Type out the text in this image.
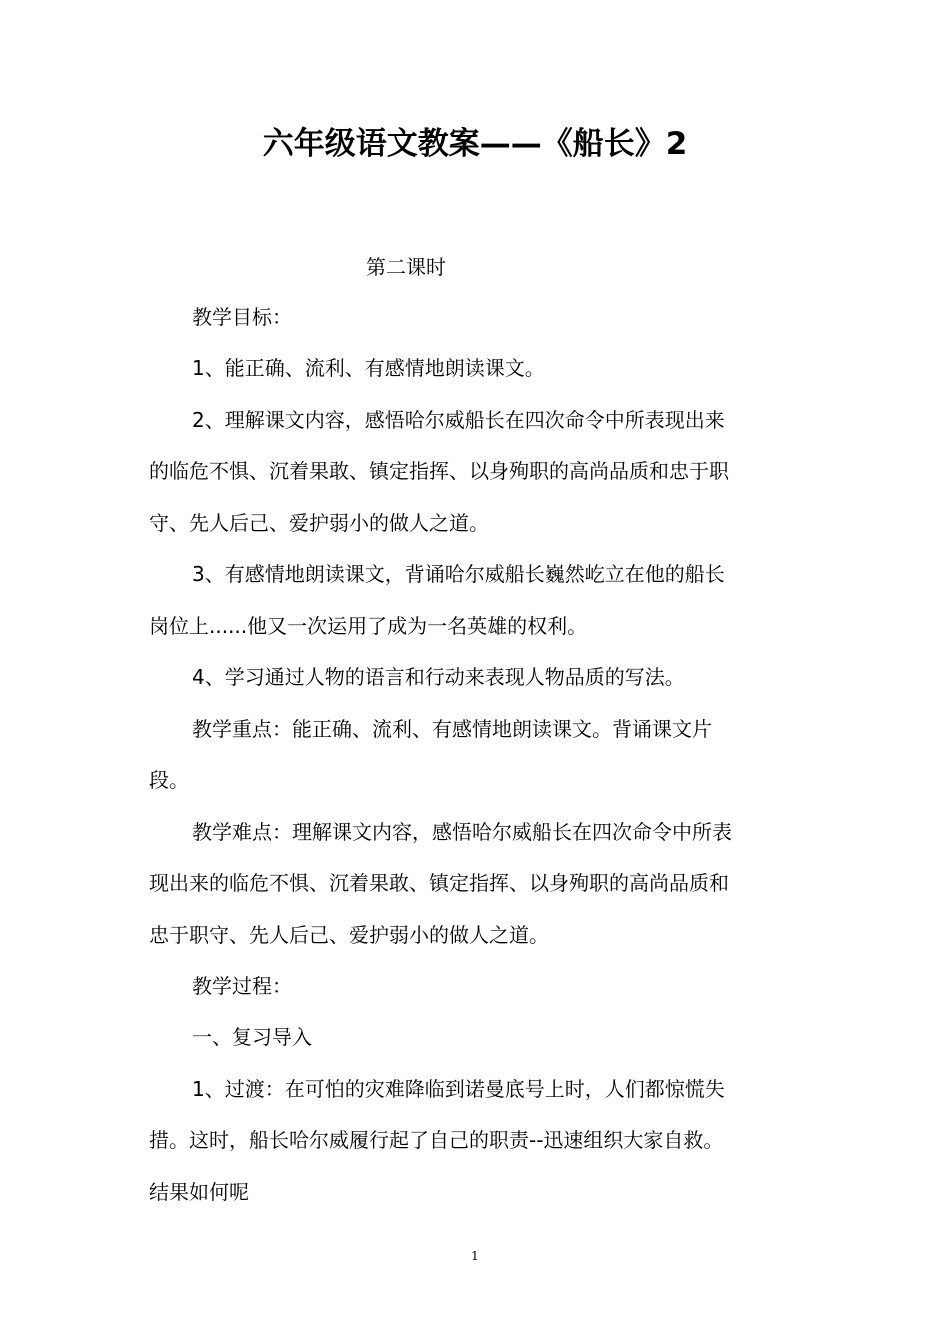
六年级语文教案——《船长》2
第二课时
教学目标：
1、能正确、流利、有感情地朗读课文。
2、理解课文内容，感悟哈尔威船长在四次命令中所表现出来
的临危不惧、沉着果敢、镇定指挥、以身殉职的高尚品质和忠于职
守、先人后己、爱护弱小的做人之道。
3、有感情地朗读课文，背诵哈尔威船长巍然屹立在他的船长
岗位上......他又一次运用了成为一名英雄的权利。
4、学习通过人物的语言和行动来表现人物品质的写法。
教学重点：能正确、流利、有感情地朗读课文。背诵课文片
段。
教学难点：理解课文内容，感悟哈尔威船长在四次命令中所表
现出来的临危不惧、沉着果敢、镇定指挥、以身殉职的高尚品质和
忠于职守、先人后己、爱护弱小的做人之道。
教学过程：
一、复习导入
1、过渡：在可怕的灾难降临到诺曼底号上时，人们都惊慌失
措。这时，船长哈尔威履行起了自己的职责--迅速组织大家自救。
结果如何呢
1
